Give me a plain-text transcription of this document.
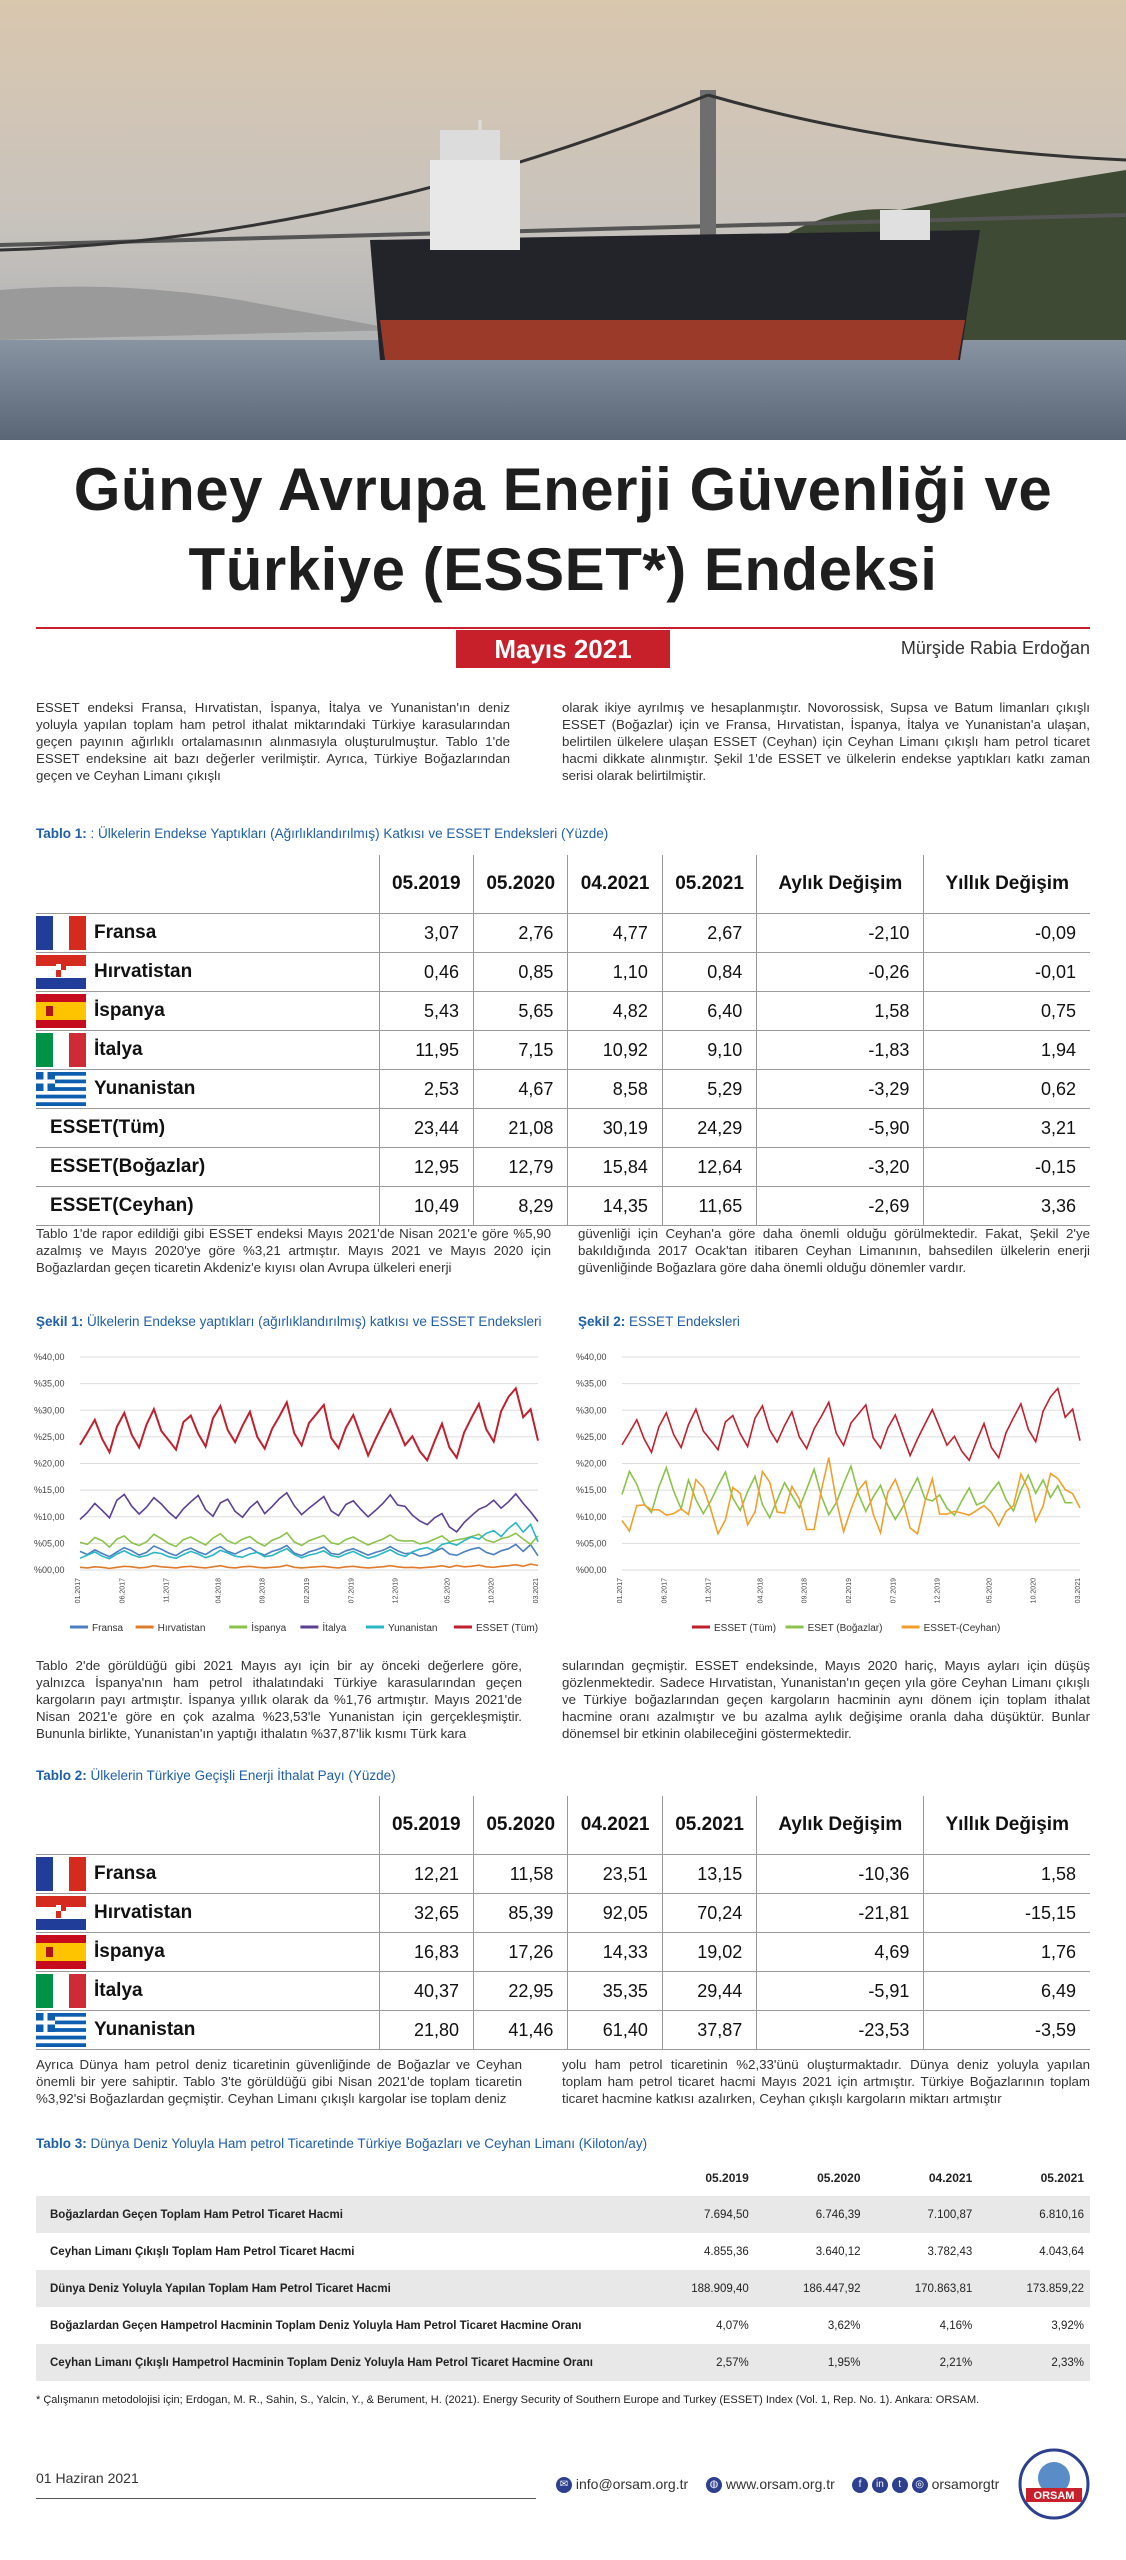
Güney Avrupa Enerji Güvenliği ve
Türkiye (ESSET*) Endeksi
Mayıs 2021	Mürşide Rabia Erdoğan
ESSET endeksi Fransa, Hırvatistan, İspanya, İtalya ve Yunanistan'ın deniz yoluyla yapılan toplam ham petrol ithalat miktarındaki Türkiye karasularından geçen payının ağırlıklı ortalamasının alınmasıyla oluşturulmuştur. Tablo 1'de ESSET endeksine ait bazı değerler verilmiştir. Ayrıca, Türkiye Boğazlarından geçen ve Ceyhan Limanı çıkışlı
olarak ikiye ayrılmış ve hesaplanmıştır. Novorossisk, Supsa ve Batum limanları çıkışlı ESSET (Boğazlar) için ve Fransa, Hırvatistan, İspanya, İtalya ve Yunanistan'a ulaşan, belirtilen ülkelere ulaşan ESSET (Ceyhan) için Ceyhan Limanı çıkışlı ham petrol ticaret hacmi dikkate alınmıştır. Şekil 1'de ESSET ve ülkelerin endekse yaptıkları katkı zaman serisi olarak belirtilmiştir.
Tablo 1: : Ülkelerin Endekse Yaptıkları (Ağırlıklandırılmış) Katkısı ve ESSET Endeksleri (Yüzde)
		05.2019	05.2020	04.2021	05.2021	Aylık Değişim	Yıllık Değişim

	Fransa	3,07	2,76	4,77	2,67	-2,10	-0,09

	Hırvatistan	0,46	0,85	1,10	0,84	-0,26	-0,01

	İspanya	5,43	5,65	4,82	6,40	1,58	0,75

	İtalya	11,95	7,15	10,92	9,10	-1,83	1,94

	Yunanistan	2,53	4,67	8,58	5,29	-3,29	0,62
ESSET(Tüm)		23,44	21,08	30,19	24,29	-5,90	3,21
ESSET(Boğazlar)		12,95	12,79	15,84	12,64	-3,20	-0,15
ESSET(Ceyhan)		10,49	8,29	14,35	11,65	-2,69	3,36
Tablo 1'de rapor edildiği gibi ESSET endeksi Mayıs 2021'de Nisan 2021'e göre %5,90 azalmış ve Mayıs 2020'ye göre %3,21 artmıştır. Mayıs 2021 ve Mayıs 2020 için Boğazlardan geçen ticaretin Akdeniz'e kıyısı olan Avrupa ülkeleri enerji
güvenliği için Ceyhan'a göre daha önemli olduğu görülmektedir. Fakat, Şekil 2'ye bakıldığında 2017 Ocak'tan itibaren Ceyhan Limanının, bahsedilen ülkelerin enerji güvenliğinde Boğazlara göre daha önemli olduğu dönemler vardır.
Şekil 1: Ülkelerin Endekse yaptıkları (ağırlıklandırılmış) katkısı ve ESSET Endeksleri	Şekil 2: ESSET Endeksleri
%40,00
%35,00
%30,00
%25,00
%20,00
%15,00
%10,00
%05,00
%00,00
01.2017	06.2017	11.2017	04.2018	09.2018	02.2019	07.2019	12.2019	05.2020	10.2020	03.2021
Fransa	Hırvatistan	İspanya	İtalya	Yunanistan	ESSET (Tüm)
%40,00
%35,00
%30,00
%25,00
%20,00
%15,00
%10,00
%05,00
%00,00
01.2017	06.2017	11.2017	04.2018	09.2018	02.2019	07.2019	12.2019	05.2020	10.2020	03.2021
ESSET (Tüm)	ESET (Boğazlar)	ESSET-(Ceyhan)
Tablo 2'de görüldüğü gibi 2021 Mayıs ayı için bir ay önceki değerlere göre, yalnızca İspanya'nın ham petrol ithalatındaki Türkiye karasularından geçen kargoların payı artmıştır. İspanya yıllık olarak da %1,76 artmıştır. Mayıs 2021'de Nisan 2021'e göre en çok azalma %23,53'le Yunanistan için gerçekleşmiştir. Bununla birlikte, Yunanistan'ın yaptığı ithalatın %37,87'lik kısmı Türk kara
sularından geçmiştir. ESSET endeksinde, Mayıs 2020 hariç, Mayıs ayları için düşüş gözlenmektedir. Sadece Hırvatistan, Yunanistan'ın geçen yıla göre Ceyhan Limanı çıkışlı ve Türkiye boğazlarından geçen kargoların hacminin aynı dönem için toplam ithalat hacmine oranı azalmıştır ve bu azalma aylık değişime oranla daha düşüktür. Bunlar dönemsel bir etkinin olabileceğini göstermektedir.
Tablo 2: Ülkelerin Türkiye Geçişli Enerji İthalat Payı (Yüzde)
		05.2019	05.2020	04.2021	05.2021	Aylık Değişim	Yıllık Değişim

	Fransa	12,21	11,58	23,51	13,15	-10,36	1,58

	Hırvatistan	32,65	85,39	92,05	70,24	-21,81	-15,15

	İspanya	16,83	17,26	14,33	19,02	4,69	1,76

	İtalya	40,37	22,95	35,35	29,44	-5,91	6,49

	Yunanistan	21,80	41,46	61,40	37,87	-23,53	-3,59
Ayrıca Dünya ham petrol deniz ticaretinin güvenliğinde de Boğazlar ve Ceyhan önemli bir yere sahiptir. Tablo 3'te görüldüğü gibi Nisan 2021'de toplam ticaretin %3,92'si Boğazlardan geçmiştir. Ceyhan Limanı çıkışlı kargolar ise toplam deniz
yolu ham petrol ticaretinin %2,33'ünü oluşturmaktadır. Dünya deniz yoluyla yapılan toplam ham petrol ticaret hacmi Mayıs 2021 için artmıştır. Türkiye Boğazlarının toplam ticaret hacmine katkısı azalırken, Ceyhan çıkışlı kargoların miktarı artmıştır
Tablo 3: Dünya Deniz Yoluyla Ham petrol Ticaretinde Türkiye Boğazları ve Ceyhan Limanı (Kiloton/ay)
	05.2019	05.2020	04.2021	05.2021
Boğazlardan Geçen Toplam Ham Petrol Ticaret Hacmi	7.694,50	6.746,39	7.100,87	6.810,16
Ceyhan Limanı Çıkışlı Toplam Ham Petrol Ticaret Hacmi	4.855,36	3.640,12	3.782,43	4.043,64
Dünya Deniz Yoluyla Yapılan Toplam Ham Petrol Ticaret Hacmi	188.909,40	186.447,92	170.863,81	173.859,22
Boğazlardan Geçen Hampetrol Hacminin Toplam Deniz Yoluyla Ham Petrol Ticaret Hacmine Oranı	4,07%	3,62%	4,16%	3,92%
Ceyhan Limanı Çıkışlı Hampetrol Hacminin Toplam Deniz Yoluyla Ham Petrol Ticaret Hacmine Oranı	2,57%	1,95%	2,21%	2,33%
* Çalışmanın metodolojisi için; Erdogan, M. R., Sahin, S., Yalcin, Y., & Berument, H. (2021). Energy Security of Southern Europe and Turkey (ESSET) Index (Vol. 1, Rep. No. 1). Ankara: ORSAM.
01 Haziran 2021	✉ info@orsam.org.tr	◍ www.orsam.org.tr	f in t ◎ orsamorgtr
ORSAM
